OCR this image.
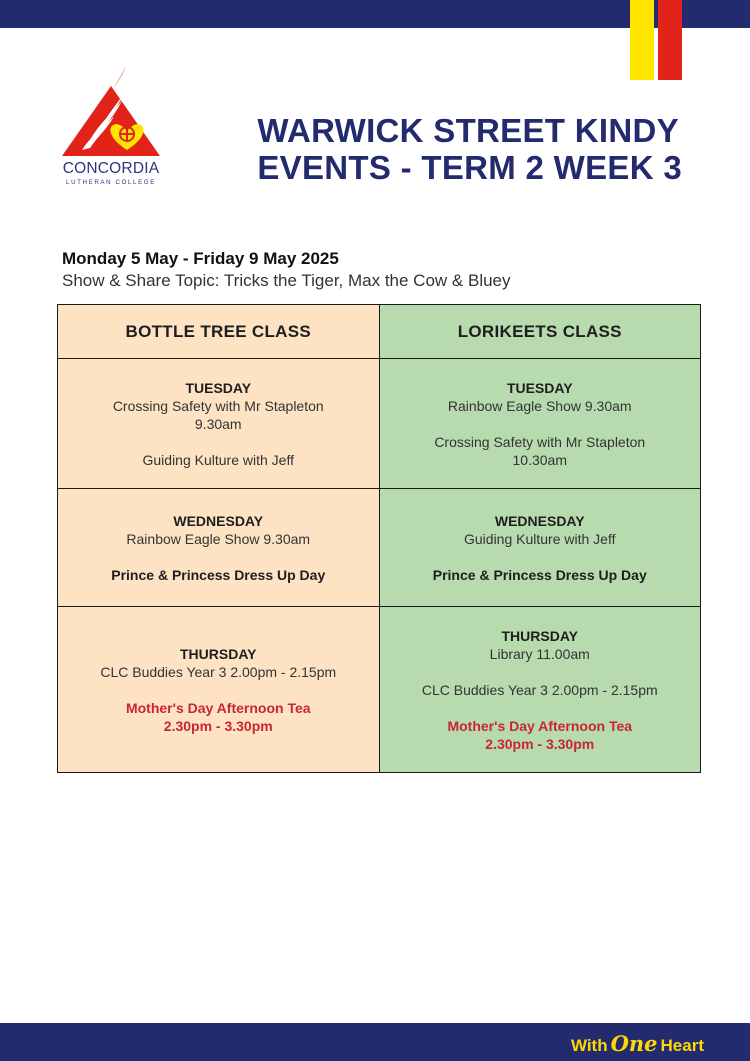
CONCORDIA
LUTHERAN COLLEGE
WARWICK STREET KINDY
EVENTS - TERM 2 WEEK 3
Monday 5 May - Friday 9 May 2025
Show & Share Topic: Tricks the Tiger, Max the Cow & Bluey
BOTTLE TREE CLASS	LORIKEETS CLASS

TUESDAY
Crossing Safety with Mr Stapleton
9.30am
Guiding Kulture with Jeff	TUESDAY
Rainbow Eagle Show 9.30am
Crossing Safety with Mr Stapleton
10.30am

WEDNESDAY
Rainbow Eagle Show 9.30am
Prince & Princess Dress Up Day	WEDNESDAY
Guiding Kulture with Jeff
Prince & Princess Dress Up Day

THURSDAY
CLC Buddies Year 3 2.00pm - 2.15pm
Mother's Day Afternoon Tea
2.30pm - 3.30pm	THURSDAY
Library 11.00am
CLC Buddies Year 3 2.00pm - 2.15pm
Mother's Day Afternoon Tea
2.30pm - 3.30pm
With One Heart
